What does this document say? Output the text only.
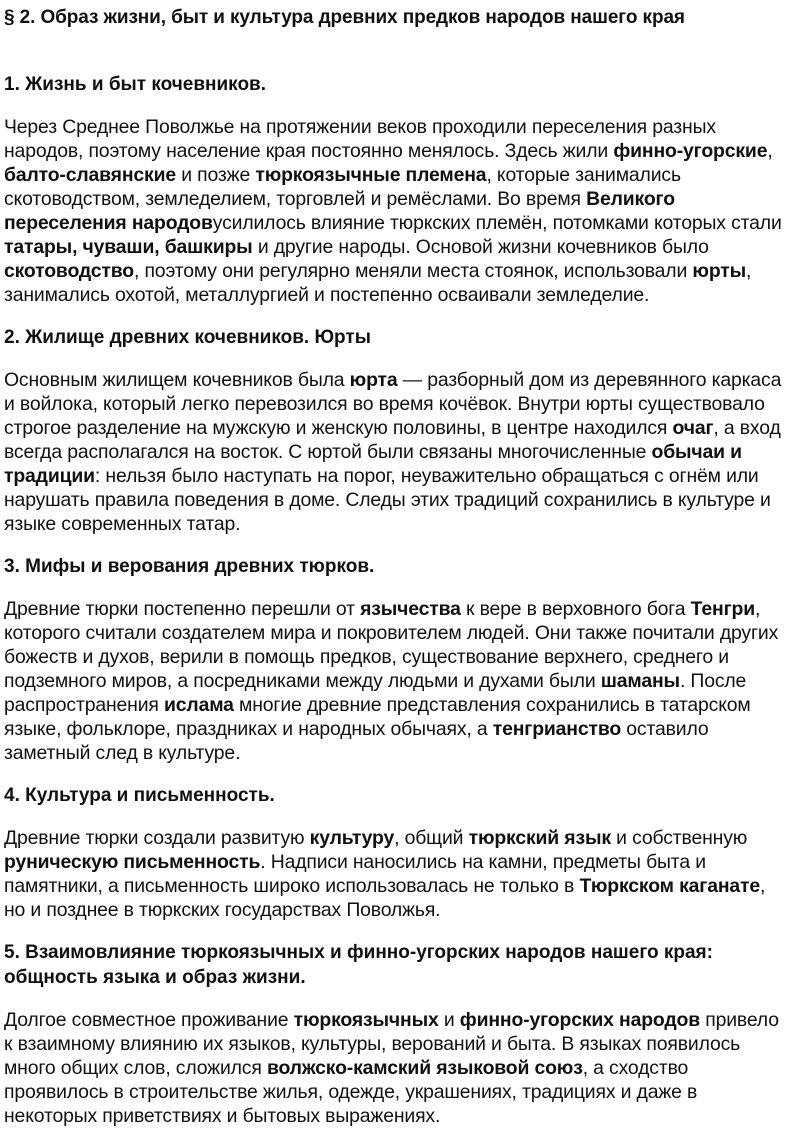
§ 2. Образ жизни, быт и культура древних предков народов нашего края
1. Жизнь и быт кочевников.

Через Среднее Поволжье на протяжении веков проходили переселения разных народов, поэтому население края постоянно менялось. Здесь жили финно-угорские, балто-славянские и позже тюркоязычные племена, которые занимались скотоводством, земледелием, торговлей и ремёслами. Во время Великого переселения народовусилилось влияние тюркских племён, потомками которых стали татары, чуваши, башкиры и другие народы. Основой жизни кочевников было скотоводство, поэтому они регулярно меняли места стоянок, использовали юрты, занимались охотой, металлургией и постепенно осваивали земледелие.

2. Жилище древних кочевников. Юрты

Основным жилищем кочевников была юрта — разборный дом из деревянного каркаса и войлока, который легко перевозился во время кочёвок. Внутри юрты существовало строгое разделение на мужскую и женскую половины, в центре находился очаг, а вход всегда располагался на восток. С юртой были связаны многочисленные обычаи и традиции: нельзя было наступать на порог, неуважительно обращаться с огнём или нарушать правила поведения в доме. Следы этих традиций сохранились в культуре и языке современных татар.

3. Мифы и верования древних тюрков.

Древние тюрки постепенно перешли от язычества к вере в верховного бога Тенгри, которого считали создателем мира и покровителем людей. Они также почитали других божеств и духов, верили в помощь предков, существование верхнего, среднего и подземного миров, а посредниками между людьми и духами были шаманы. После распространения ислама многие древние представления сохранились в татарском языке, фольклоре, праздниках и народных обычаях, а тенгрианство оставило заметный след в культуре.

4. Культура и письменность.

Древние тюрки создали развитую культуру, общий тюркский язык и собственную руническую письменность. Надписи наносились на камни, предметы быта и памятники, а письменность широко использовалась не только в Тюркском каганате, но и позднее в тюркских государствах Поволжья.

5. Взаимовлияние тюркоязычных и финно-угорских народов нашего края: общность языка и образ жизни.

Долгое совместное проживание тюркоязычных и финно-угорских народов привело к взаимному влиянию их языков, культуры, верований и быта. В языках появилось много общих слов, сложился волжско-камский языковой союз, а сходство проявилось в строительстве жилья, одежде, украшениях, традициях и даже в некоторых приветствиях и бытовых выражениях.
